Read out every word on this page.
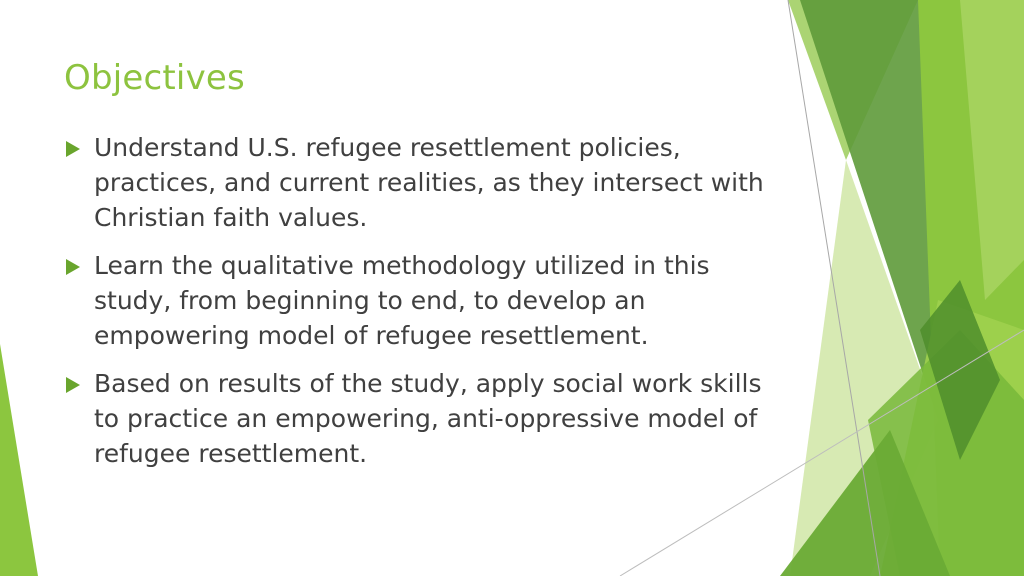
Objectives
Understand U.S. refugee resettlement policies, practices, and current realities, as they intersect with Christian faith values.
Learn the qualitative methodology utilized in this study, from beginning to end, to develop an empowering model of refugee resettlement.
Based on results of the study, apply social work skills to practice an empowering, anti-oppressive model of refugee resettlement.
